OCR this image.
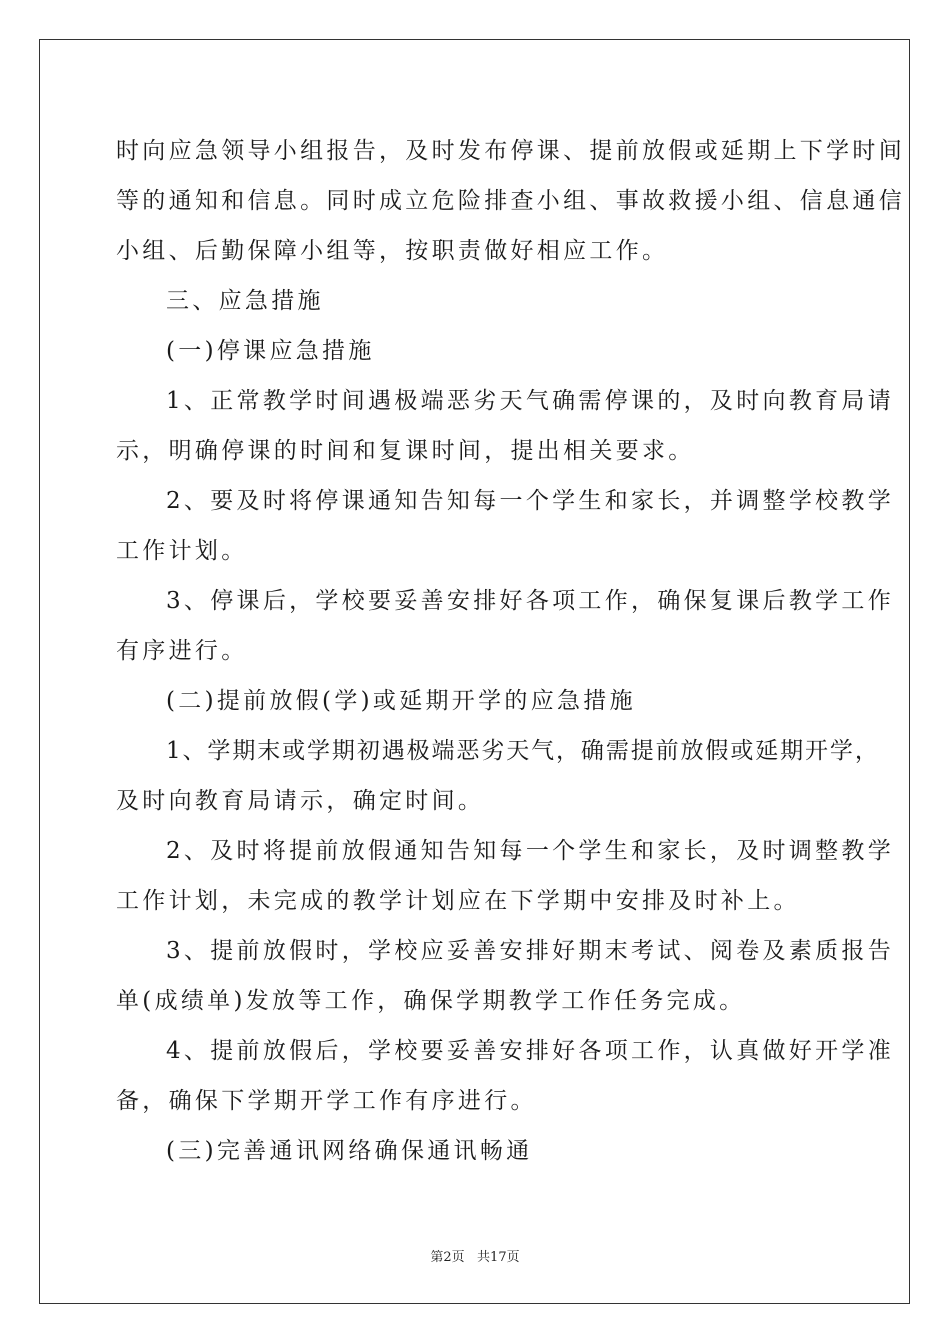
时向应急领导小组报告，及时发布停课、提前放假或延期上下学时间
等的通知和信息。同时成立危险排查小组、事故救援小组、信息通信
小组、后勤保障小组等，按职责做好相应工作。
三、应急措施
(一)停课应急措施
1、正常教学时间遇极端恶劣天气确需停课的，及时向教育局请
示，明确停课的时间和复课时间，提出相关要求。
2、要及时将停课通知告知每一个学生和家长，并调整学校教学
工作计划。
3、停课后，学校要妥善安排好各项工作，确保复课后教学工作
有序进行。
(二)提前放假(学)或延期开学的应急措施
1、学期末或学期初遇极端恶劣天气，确需提前放假或延期开学，
及时向教育局请示，确定时间。
2、及时将提前放假通知告知每一个学生和家长，及时调整教学
工作计划，未完成的教学计划应在下学期中安排及时补上。
3、提前放假时，学校应妥善安排好期末考试、阅卷及素质报告
单(成绩单)发放等工作，确保学期教学工作任务完成。
4、提前放假后，学校要妥善安排好各项工作，认真做好开学准
备，确保下学期开学工作有序进行。
(三)完善通讯网络确保通讯畅通
第2页   共17页
